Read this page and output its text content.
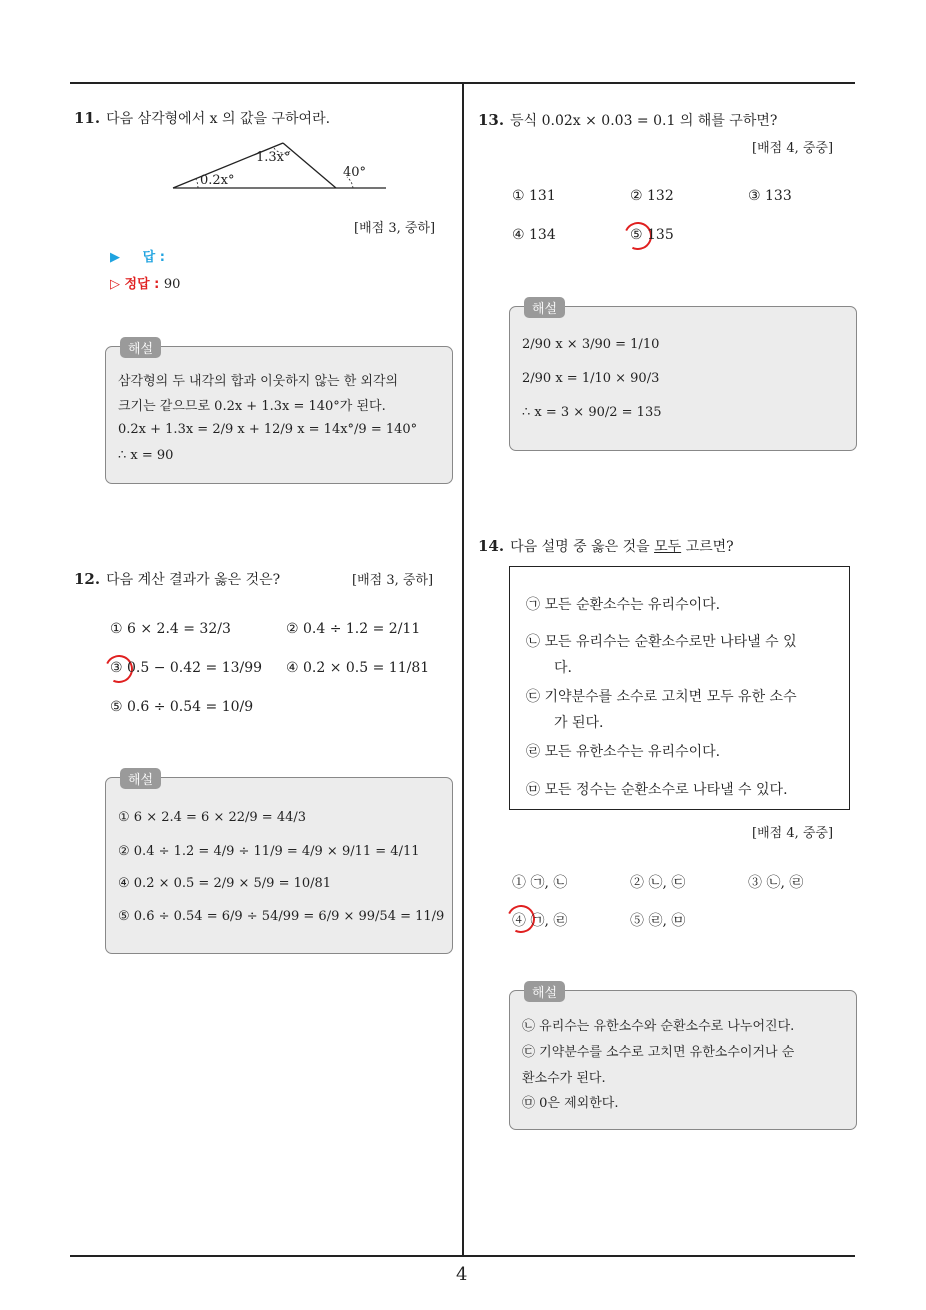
4
11. 다음 삼각형에서 x 의 값을 구하여라.
1.3x°
0.2x°
40°
[배점 3, 중하]
▶     답 :
▷ 정답 : 90
해설
삼각형의 두 내각의 합과 이웃하지 않는 한 외각의
크기는 같으므로 0.2x + 1.3x = 140°가 된다.
0.2x + 1.3x = 2/9 x + 12/9 x = 14x°/9 = 140°
∴ x = 90
12. 다음 계산 결과가 옳은 것은?	[배점 3, 중하]
① 6 × 2.4̇ = 32/3	② 0.4̇ ÷ 1.2̇ = 2/11
③ 0.5 − 0.4̇2̇ = 13/99 ④ 0.2̇ × 0.5̇ = 11/81
⑤ 0.6̇ ÷ 0.5̇4̇ = 10/9
해설
① 6 × 2.4̇ = 6 × 22/9 = 44/3
② 0.4̇ ÷ 1.2̇ = 4/9 ÷ 11/9 = 4/9 × 9/11 = 4/11
④ 0.2̇ × 0.5̇ = 2/9 × 5/9 = 10/81
⑤ 0.6̇ ÷ 0.5̇4̇ = 6/9 ÷ 54/99 = 6/9 × 99/54 = 11/9
13. 등식 0.0̇2̇x × 0.0̇3̇ = 0.1 의 해를 구하면?
[배점 4, 중중]
① 131	② 132	③ 133
④ 134	⑤ 135
해설
2/90 x × 3/90 = 1/10
2/90 x = 1/10 × 90/3
∴ x = 3 × 90/2 = 135
14. 다음 설명 중 옳은 것을 모두 고르면?
㉠ 모든 순환소수는 유리수이다.
㉡ 모든 유리수는 순환소수로만 나타낼 수 있
다.
㉢ 기약분수를 소수로 고치면 모두 유한 소수
가 된다.
㉣ 모든 유한소수는 유리수이다.
㉤ 모든 정수는 순환소수로 나타낼 수 있다.
[배점 4, 중중]
① ㉠, ㉡	② ㉡, ㉢	③ ㉡, ㉣
④ ㉠, ㉣	⑤ ㉣, ㉤
해설
㉡ 유리수는 유한소수와 순환소수로 나누어진다.
㉢ 기약분수를 소수로 고치면 유한소수이거나 순
환소수가 된다.
㉤ 0은 제외한다.
